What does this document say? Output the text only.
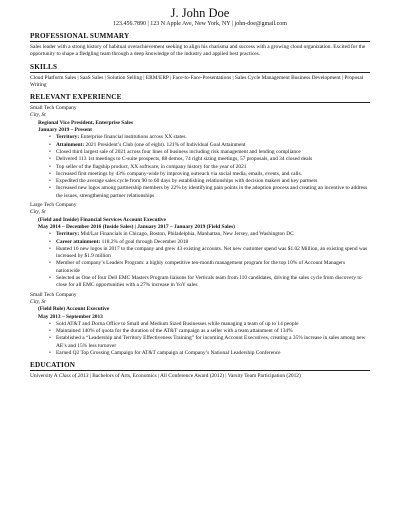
J. John Doe
123.456.7890 | 123 N Apple Ave, New York, NY | john-doe@gmail.com
PROFESSIONAL SUMMARY

Sales leader with a strong history of habitual overachievement seeking to align his charisma and success with a growing cloud organization. Excited for the opportunity to shape a fledgling team through a deep knowledge of the industry and applied best practices.

SKILLS

Cloud Platform Sales | SaaS Sales | Solution Selling | ERM/ERP | Face-to-Face-Presentations | Sales Cycle Management Business Development | Proposal Writing

RELEVANT EXPERIENCE
Small Tech Company
City, St
Regional Vice President, Enterprise Sales
January 2019 – Present
• Territory: Enterprise financial institutions across XX states.
• Attainment: 2021 President’s Club (one of eight). 121% of Individual Goal Attainment
• Closed third largest sale of 2021 across four lines of business including risk management and lending compliance
• Delivered 113 1st meetings to C-suite prospects, 88 demos, 74 right sizing meetings, 57 proposals, and 34 closed deals
• Top seller of the flagship product, XX software, in company history for the year of 2021
• Increased first meetings by 43% company-wide by improving outreach via social media, emails, events, and calls.
• Expedited the average sales cycle from 90 to 60 days by establishing relationships with decision makers and key partners
• Increased new logos among partnership members by 22% by identifying pain points in the adoption process and creating an incentive to address the issues, strengthening partner relationships
Large Tech Company
City, St
(Field and Inside) Financial Services Account Executive
May 2014 – December 2016 (Inside Sales) | January 2017 – January 2019 (Field Sales)
• Territory: Mid/Lar Financials in Chicago, Boston, Philadelphia, Manhattan, New Jersey, and Washington DC
• Career attainment: 118.2% of goal through December 2018
• Hunted 16 new logos in 2017 to the company and grew 43 existing accounts. Net new customer spend was $1.02 Million, an existing spend was increased by $1.9 million
• Member of company’s Leaders Program: a highly competitive ten-month management program for the top 10% of Account Managers nationwide
• Selected as One of four Dell EMC Masters Program liaisons for Verticals team from 110 candidates, driving the sales cycle from discovery to close for all EMC opportunities with a 27% increase in YoY sales
Small Tech Company
City, St
(Field Role) Account Executive
May 2013 – September 2013
• Sold AT&T and Dorna Office to Small and Medium Sized Businesses while managing a team of up to 14 people
• Maintained 140% of quota for the duration of the AT&T campaign as a seller with a team attainment of 134%
• Established a “Leadership and Territory Effectiveness Training” for incoming Account Executives, creating a 35% increase in sales among new AE’s and 15% less turnover
• Earned Q2 Top Grossing Campaign for AT&T campaign at Company’s National Leadership Conference
EDUCATION

University A Class of 2013 | Bachelors of Arts, Economics | All Conference Award (2012) | Varsity Team Participation (2012)
